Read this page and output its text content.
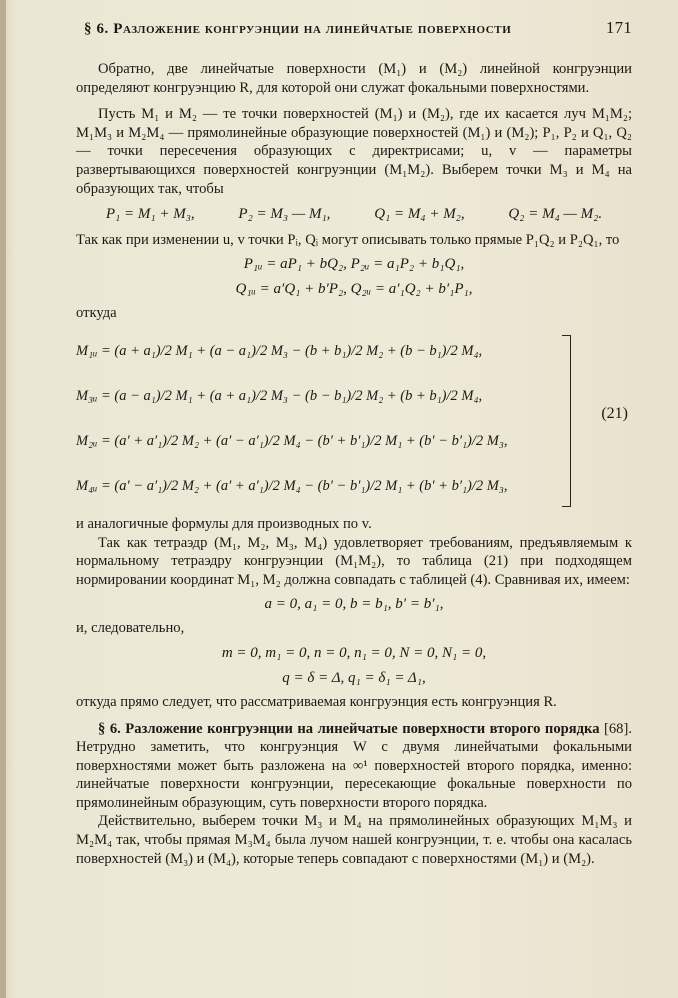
§ 6. Разложение конгруэнции на линейчатые поверхности	171

Обратно, две линейчатые поверхности (M₁) и (M₂) линейной конгруэнции определяют конгруэнцию R, для которой они служат фокальными поверхностями.

Пусть M₁ и M₂ — те точки поверхностей (M₁) и (M₂), где их касается луч M₁M₂; M₁M₃ и M₂M₄ — прямолинейные образующие поверхностей (M₁) и (M₂); P₁, P₂ и Q₁, Q₂ — точки пересечения образующих с директрисами; u, v — параметры развертывающихся поверхностей конгруэнции (M₁M₂). Выберем точки M₃ и M₄ на образующих так, чтобы

P₁ = M₁ + M₃,	P₂ = M₃ — M₁,	Q₁ = M₄ + M₂,	Q₂ = M₄ — M₂.

Так как при изменении u, v точки Pᵢ, Qᵢ могут описывать только прямые P₁Q₂ и P₂Q₁, то

P₁ᵤ = aP₁ + bQ₂, P₂ᵤ = a₁P₂ + b₁Q₁,
Q₁ᵤ = a′Q₁ + b′P₂, Q₂ᵤ = a′₁Q₂ + b′₁P₁,

откуда

M₁ᵤ = (a + a₁)/2 M₁ + (a − a₁)/2 M₃ − (b + b₁)/2 M₂ + (b − b₁)/2 M₄,
M₃ᵤ = (a − a₁)/2 M₁ + (a + a₁)/2 M₃ − (b − b₁)/2 M₂ + (b + b₁)/2 M₄,
M₂ᵤ = (a′ + a′₁)/2 M₂ + (a′ − a′₁)/2 M₄ − (b′ + b′₁)/2 M₁ + (b′ − b′₁)/2 M₃,
M₄ᵤ = (a′ − a′₁)/2 M₂ + (a′ + a′₁)/2 M₄ − (b′ − b′₁)/2 M₁ + (b′ + b′₁)/2 M₃,
(21)

и аналогичные формулы для производных по v.

Так как тетраэдр (M₁, M₂, M₃, M₄) удовлетворяет требованиям, предъявляемым к нормальному тетраэдру конгруэнции (M₁M₂), то таблица (21) при подходящем нормировании координат M₁, M₂ должна совпадать с таблицей (4). Сравнивая их, имеем:

a = 0, a₁ = 0, b = b₁, b′ = b′₁,

и, следовательно,

m = 0, m₁ = 0, n = 0, n₁ = 0, N = 0, N₁ = 0,
q = δ = Δ, q₁ = δ₁ = Δ₁,

откуда прямо следует, что рассматриваемая конгруэнция есть конгруэнция R.

§ 6. Разложение конгруэнции на линейчатые поверхности второго порядка [68]. Нетрудно заметить, что конгруэнция W с двумя линейчатыми фокальными поверхностями может быть разложена на ∞¹ поверхностей второго порядка, именно: линейчатые поверхности конгруэнции, пересекающие фокальные поверхности по прямолинейным образующим, суть поверхности второго порядка.

Действительно, выберем точки M₃ и M₄ на прямолинейных образующих M₁M₃ и M₂M₄ так, чтобы прямая M₃M₄ была лучом нашей конгруэнции, т. е. чтобы она касалась поверхностей (M₃) и (M₄), которые теперь совпадают с поверхностями (M₁) и (M₂).
